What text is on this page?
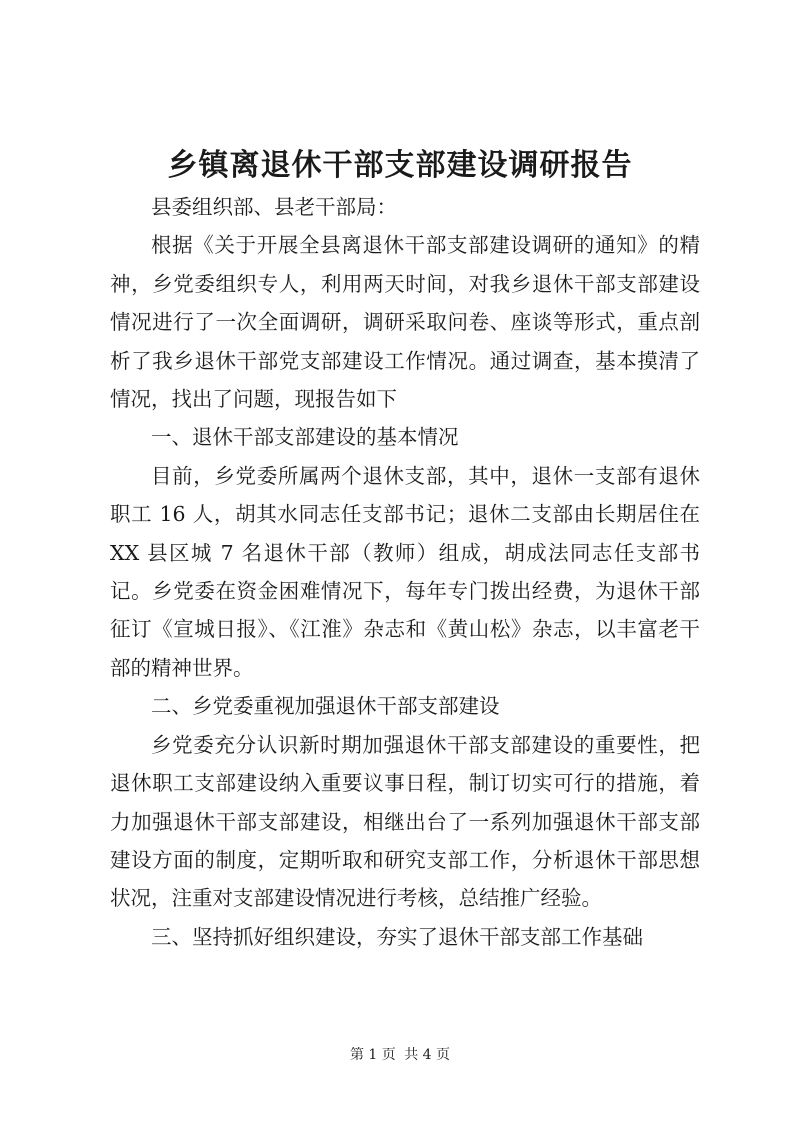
乡镇离退休干部支部建设调研报告

县委组织部、县老干部局：

根据《关于开展全县离退休干部支部建设调研的通知》的精神，乡党委组织专人，利用两天时间，对我乡退休干部支部建设情况进行了一次全面调研，调研采取问卷、座谈等形式，重点剖析了我乡退休干部党支部建设工作情况。通过调查，基本摸清了情况，找出了问题，现报告如下

一、退休干部支部建设的基本情况

目前，乡党委所属两个退休支部，其中，退休一支部有退休职工 16 人，胡其水同志任支部书记；退休二支部由长期居住在 XX 县区城 7 名退休干部（教师）组成，胡成法同志任支部书记。乡党委在资金困难情况下，每年专门拨出经费，为退休干部征订《宣城日报》、《江淮》杂志和《黄山松》杂志，以丰富老干部的精神世界。

二、乡党委重视加强退休干部支部建设

乡党委充分认识新时期加强退休干部支部建设的重要性，把退休职工支部建设纳入重要议事日程，制订切实可行的措施，着力加强退休干部支部建设，相继出台了一系列加强退休干部支部建设方面的制度，定期听取和研究支部工作，分析退休干部思想状况，注重对支部建设情况进行考核，总结推广经验。

三、坚持抓好组织建设，夯实了退休干部支部工作基础

第 1 页 共 4 页
